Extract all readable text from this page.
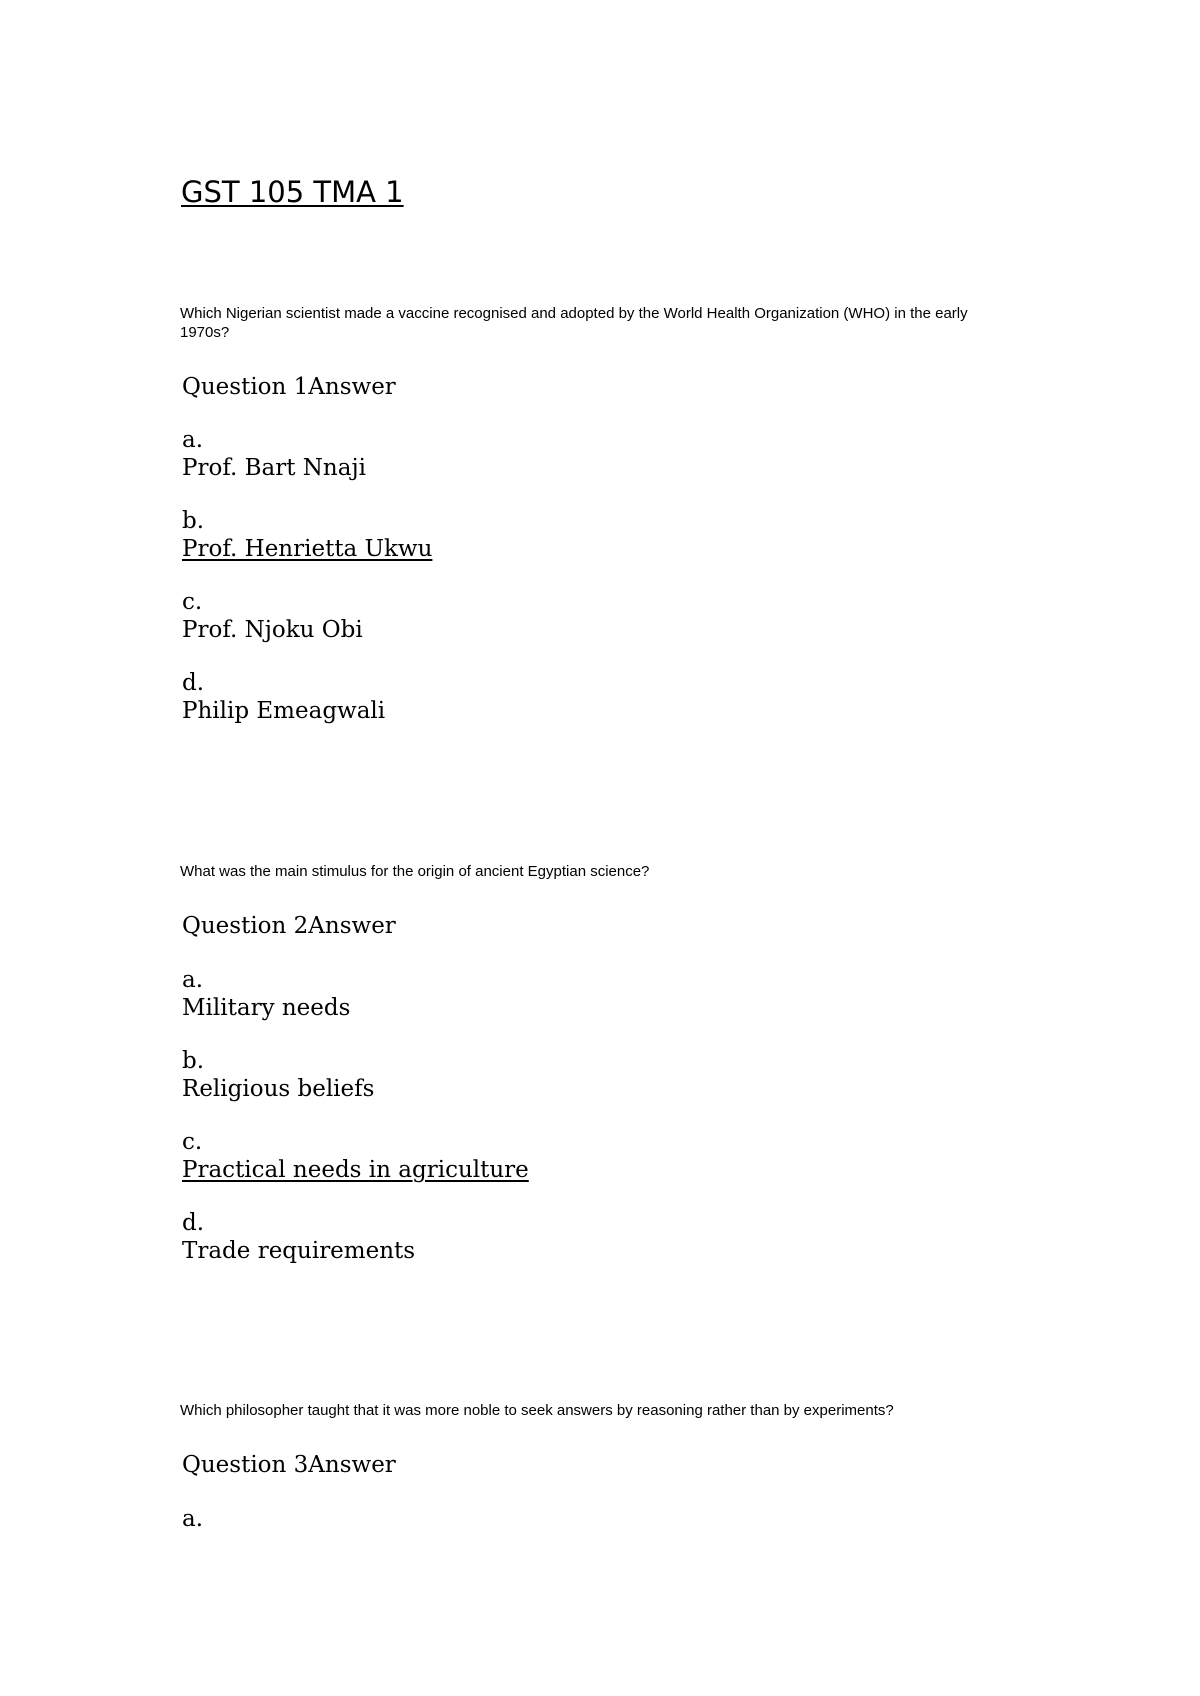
GST 105 TMA 1

Which Nigerian scientist made a vaccine recognised and adopted by the World Health Organization (WHO) in the early 1970s?

Question 1Answer
a.
Prof. Bart Nnaji
b.
Prof. Henrietta Ukwu
c.
Prof. Njoku Obi
d.
Philip Emeagwali

What was the main stimulus for the origin of ancient Egyptian science?

Question 2Answer
a.
Military needs
b.
Religious beliefs
c.
Practical needs in agriculture
d.
Trade requirements

Which philosopher taught that it was more noble to seek answers by reasoning rather than by experiments?

Question 3Answer
a.
